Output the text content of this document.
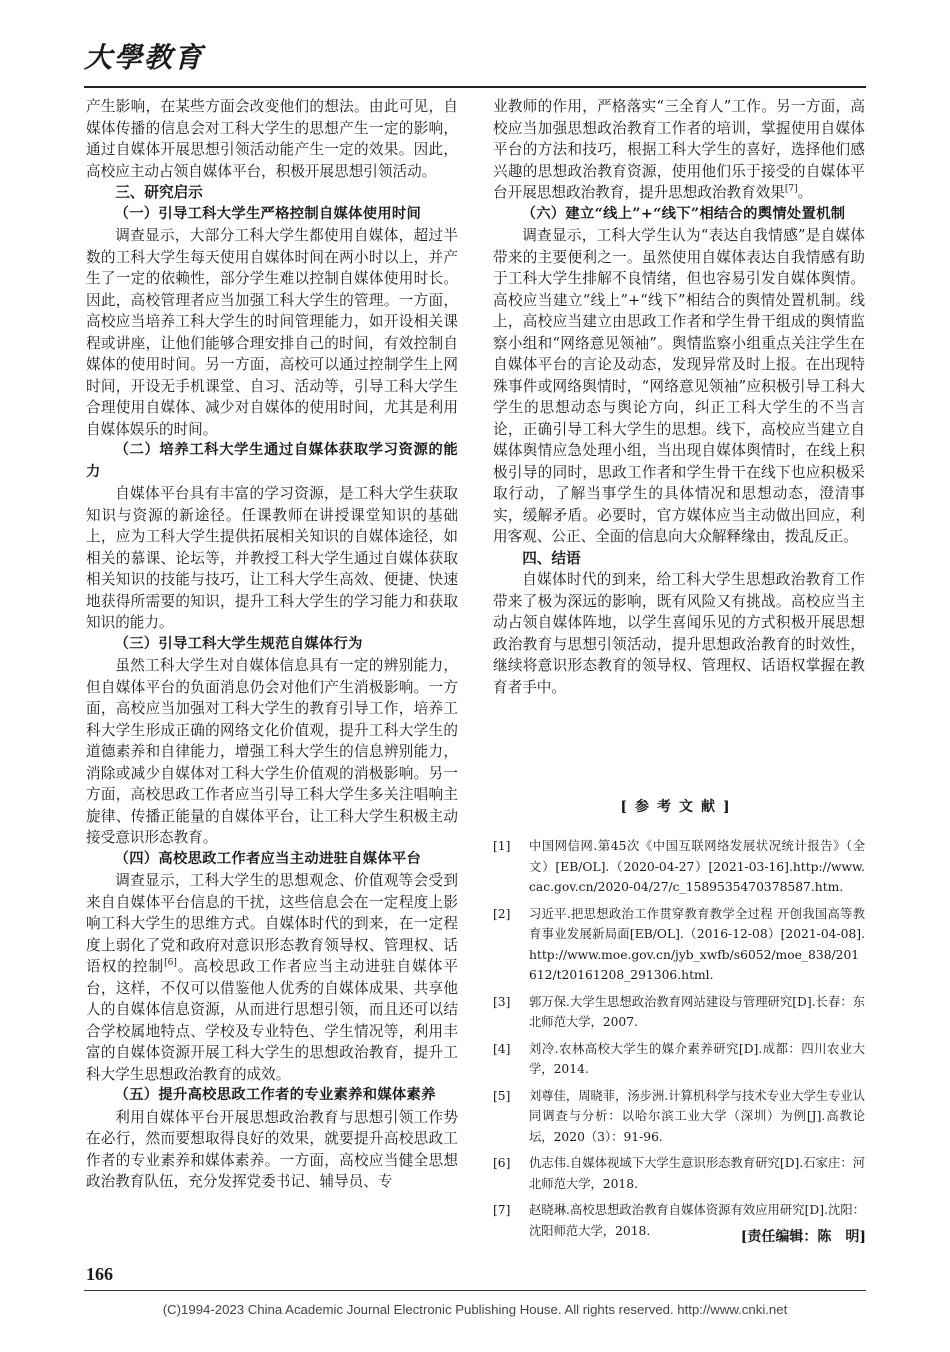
大學教育

产生影响，在某些方面会改变他们的想法。由此可见，自媒体传播的信息会对工科大学生的思想产生一定的影响，通过自媒体开展思想引领活动能产生一定的效果。因此，高校应主动占领自媒体平台，积极开展思想引领活动。

三、研究启示
（一）引导工科大学生严格控制自媒体使用时间

调查显示，大部分工科大学生都使用自媒体，超过半数的工科大学生每天使用自媒体时间在两小时以上，并产生了一定的依赖性，部分学生难以控制自媒体使用时长。因此，高校管理者应当加强工科大学生的管理。一方面，高校应当培养工科大学生的时间管理能力，如开设相关课程或讲座，让他们能够合理安排自己的时间，有效控制自媒体的使用时间。另一方面，高校可以通过控制学生上网时间，开设无手机课堂、自习、活动等，引导工科大学生合理使用自媒体、减少对自媒体的使用时间，尤其是利用自媒体娱乐的时间。

（二）培养工科大学生通过自媒体获取学习资源的能力

自媒体平台具有丰富的学习资源，是工科大学生获取知识与资源的新途径。任课教师在讲授课堂知识的基础上，应为工科大学生提供拓展相关知识的自媒体途径，如相关的慕课、论坛等，并教授工科大学生通过自媒体获取相关知识的技能与技巧，让工科大学生高效、便捷、快速地获得所需要的知识，提升工科大学生的学习能力和获取知识的能力。

（三）引导工科大学生规范自媒体行为

虽然工科大学生对自媒体信息具有一定的辨别能力，但自媒体平台的负面消息仍会对他们产生消极影响。一方面，高校应当加强对工科大学生的教育引导工作，培养工科大学生形成正确的网络文化价值观，提升工科大学生的道德素养和自律能力，增强工科大学生的信息辨别能力，消除或减少自媒体对工科大学生价值观的消极影响。另一方面，高校思政工作者应当引导工科大学生多关注唱响主旋律、传播正能量的自媒体平台，让工科大学生积极主动接受意识形态教育。

（四）高校思政工作者应当主动进驻自媒体平台

调查显示，工科大学生的思想观念、价值观等会受到来自自媒体平台信息的干扰，这些信息会在一定程度上影响工科大学生的思维方式。自媒体时代的到来，在一定程度上弱化了党和政府对意识形态教育领导权、管理权、话语权的控制[6]。高校思政工作者应当主动进驻自媒体平台，这样，不仅可以借鉴他人优秀的自媒体成果、共享他人的自媒体信息资源，从而进行思想引领，而且还可以结合学校属地特点、学校及专业特色、学生情况等，利用丰富的自媒体资源开展工科大学生的思想政治教育，提升工科大学生思想政治教育的成效。

（五）提升高校思政工作者的专业素养和媒体素养

利用自媒体平台开展思想政治教育与思想引领工作势在必行，然而要想取得良好的效果，就要提升高校思政工作者的专业素养和媒体素养。一方面，高校应当健全思想政治教育队伍，充分发挥党委书记、辅导员、专

业教师的作用，严格落实“三全育人”工作。另一方面，高校应当加强思想政治教育工作者的培训，掌握使用自媒体平台的方法和技巧，根据工科大学生的喜好，选择他们感兴趣的思想政治教育资源，使用他们乐于接受的自媒体平台开展思想政治教育，提升思想政治教育效果[7]。

（六）建立“线上”+“线下”相结合的舆情处置机制

调查显示，工科大学生认为“表达自我情感”是自媒体带来的主要便利之一。虽然使用自媒体表达自我情感有助于工科大学生排解不良情绪，但也容易引发自媒体舆情。高校应当建立“线上”+“线下”相结合的舆情处置机制。线上，高校应当建立由思政工作者和学生骨干组成的舆情监察小组和“网络意见领袖”。舆情监察小组重点关注学生在自媒体平台的言论及动态，发现异常及时上报。在出现特殊事件或网络舆情时，“网络意见领袖”应积极引导工科大学生的思想动态与舆论方向，纠正工科大学生的不当言论，正确引导工科大学生的思想。线下，高校应当建立自媒体舆情应急处理小组，当出现自媒体舆情时，在线上积极引导的同时，思政工作者和学生骨干在线下也应积极采取行动，了解当事学生的具体情况和思想动态，澄清事实，缓解矛盾。必要时，官方媒体应当主动做出回应，利用客观、公正、全面的信息向大众解释缘由，拨乱反正。

四、结语

自媒体时代的到来，给工科大学生思想政治教育工作带来了极为深远的影响，既有风险又有挑战。高校应当主动占领自媒体阵地，以学生喜闻乐见的方式积极开展思想政治教育与思想引领活动，提升思想政治教育的时效性，继续将意识形态教育的领导权、管理权、话语权掌握在教育者手中。

[参考文献]
[1]	中国网信网.第45次《中国互联网络发展状况统计报告》（全文）[EB/OL].（2020-04-27）[2021-03-16].http://www.cac.gov.cn/2020-04/27/c_1589535470378587.htm.
[2]	习近平.把思想政治工作贯穿教育教学全过程 开创我国高等教育事业发展新局面[EB/OL].（2016-12-08）[2021-04-08].http://www.moe.gov.cn/jyb_xwfb/s6052/moe_838/201612/t20161208_291306.html.
[3]	郭万保.大学生思想政治教育网站建设与管理研究[D].长春：东北师范大学，2007.
[4]	刘冷.农林高校大学生的媒介素养研究[D].成都：四川农业大学，2014.
[5]	刘尊佳，周晓菲，汤步洲.计算机科学与技术专业大学生专业认同调查与分析：以哈尔滨工业大学（深圳）为例[J].高教论坛，2020（3）：91-96.
[6]	仇志伟.自媒体视域下大学生意识形态教育研究[D].石家庄：河北师范大学，2018.
[7]	赵晓琳.高校思想政治教育自媒体资源有效应用研究[D].沈阳：沈阳师范大学，2018.	[责任编辑：陈　明]
166
(C)1994-2023 China Academic Journal Electronic Publishing House. All rights reserved. http://www.cnki.net
